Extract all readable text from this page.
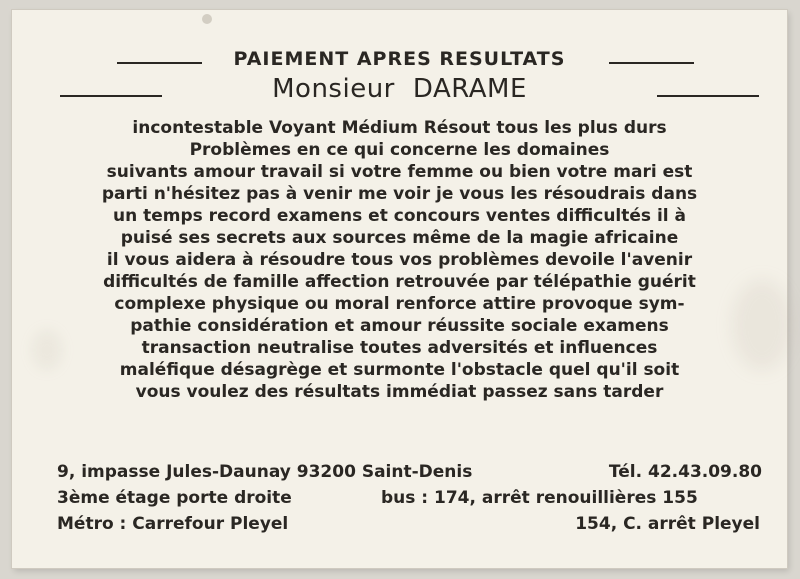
PAIEMENT APRES RESULTATS
Monsieur DARAME
incontestable Voyant Médium Résout tous les plus durs
Problèmes en ce qui concerne les domaines
suivants amour travail si votre femme ou bien votre mari est
parti n'hésitez pas à venir me voir je vous les résoudrais dans
un temps record examens et concours ventes difficultés il à
puisé ses secrets aux sources même de la magie africaine
il vous aidera à résoudre tous vos problèmes devoile l'avenir
difficultés de famille affection retrouvée par télépathie guérit
complexe physique ou moral renforce attire provoque sym-
pathie considération et amour réussite sociale examens
transaction neutralise toutes adversités et influences
maléfique désagrège et surmonte l'obstacle quel qu'il soit
vous voulez des résultats immédiat passez sans tarder
9, impasse Jules-Daunay 93200 Saint-Denis	Tél. 42.43.09.80
3ème étage porte droite	bus : 174, arrêt renouillières 155
Métro : Carrefour Pleyel	154, C. arrêt Pleyel
